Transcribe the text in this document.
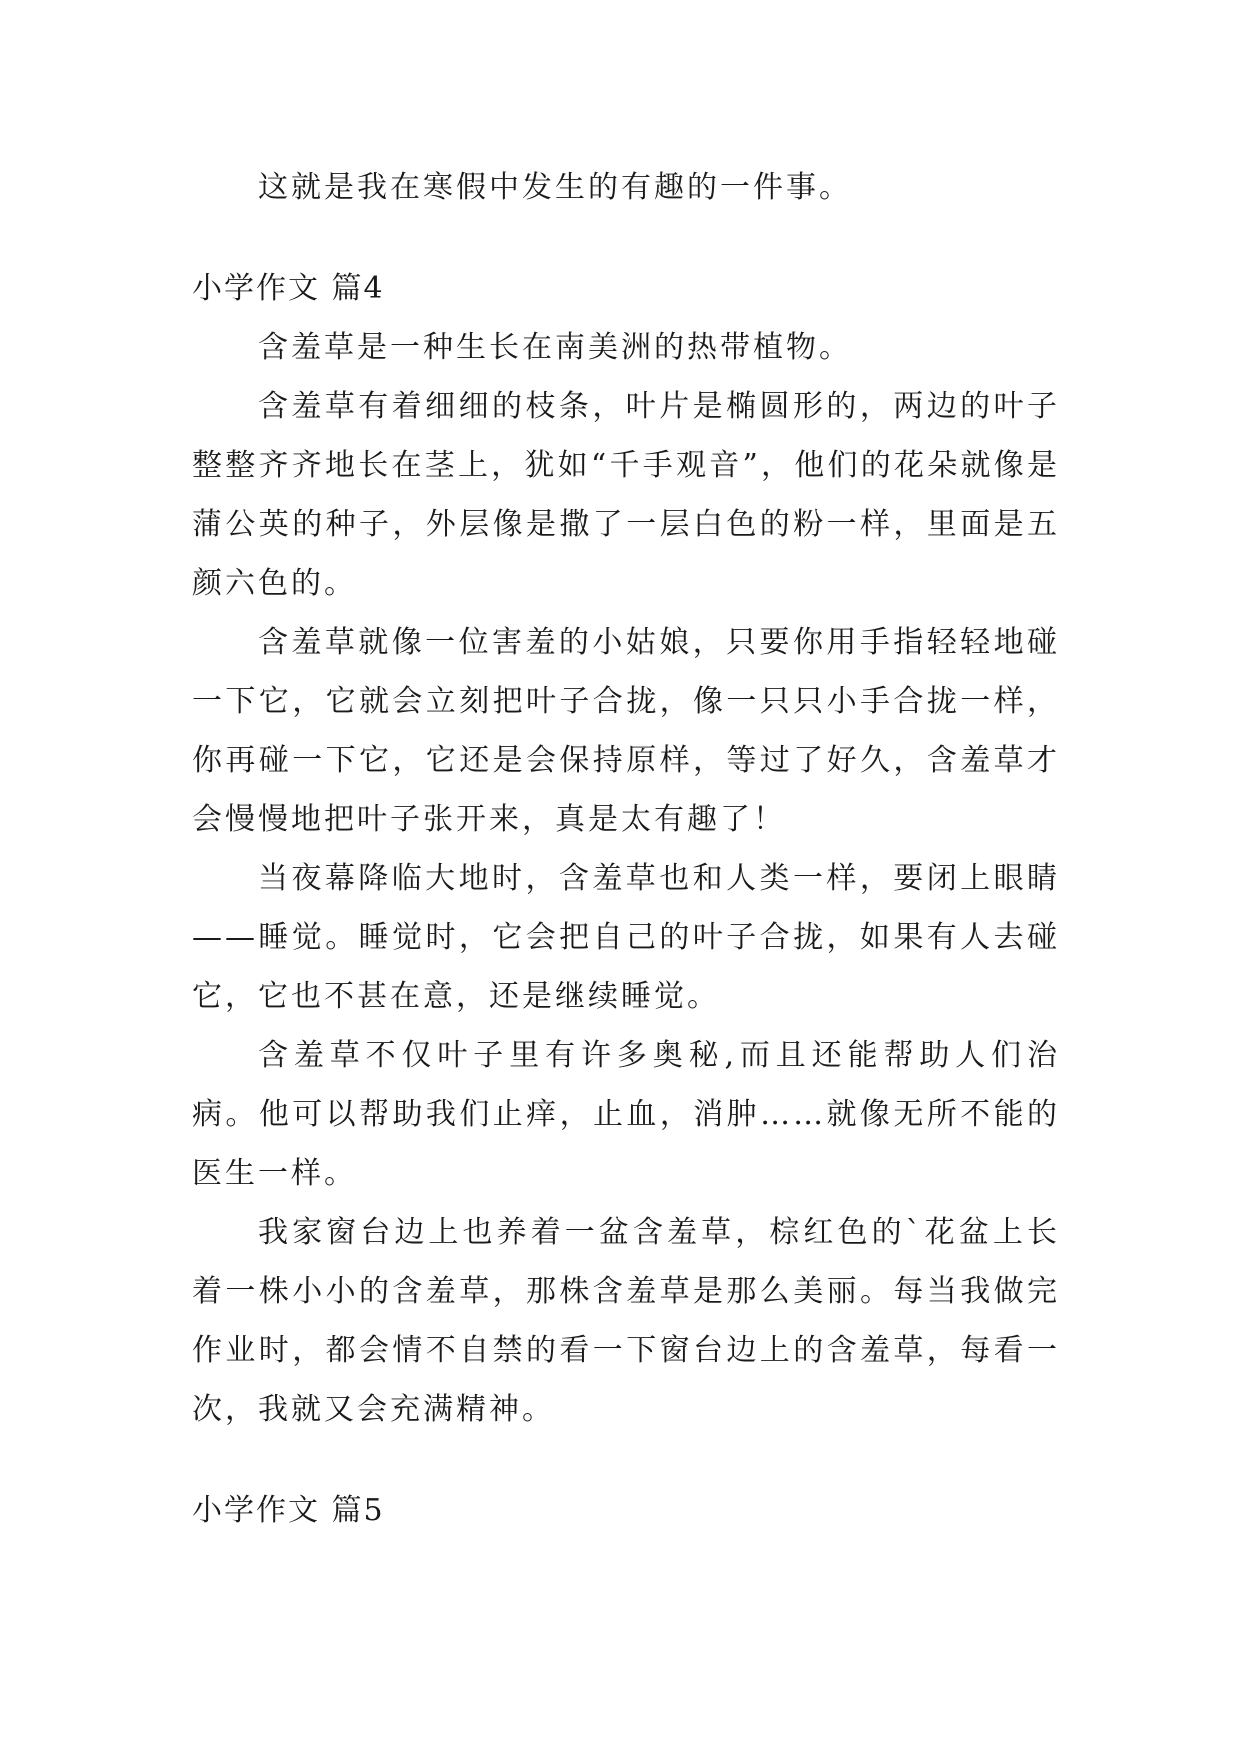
这就是我在寒假中发生的有趣的一件事。

小学作文 篇4

含羞草是一种生长在南美洲的热带植物。

含羞草有着细细的枝条，叶片是椭圆形的，两边的叶子整整齐齐地长在茎上，犹如“千手观音”，他们的花朵就像是蒲公英的种子，外层像是撒了一层白色的粉一样，里面是五颜六色的。

含羞草就像一位害羞的小姑娘，只要你用手指轻轻地碰一下它，它就会立刻把叶子合拢，像一只只小手合拢一样，你再碰一下它，它还是会保持原样，等过了好久，含羞草才会慢慢地把叶子张开来，真是太有趣了！

当夜幕降临大地时，含羞草也和人类一样，要闭上眼睛——睡觉。睡觉时，它会把自己的叶子合拢，如果有人去碰它，它也不甚在意，还是继续睡觉。

含羞草不仅叶子里有许多奥秘,而且还能帮助人们治病。他可以帮助我们止痒，止血，消肿……就像无所不能的医生一样。

我家窗台边上也养着一盆含羞草，棕红色的`花盆上长着一株小小的含羞草，那株含羞草是那么美丽。每当我做完作业时，都会情不自禁的看一下窗台边上的含羞草，每看一次，我就又会充满精神。

小学作文 篇5
